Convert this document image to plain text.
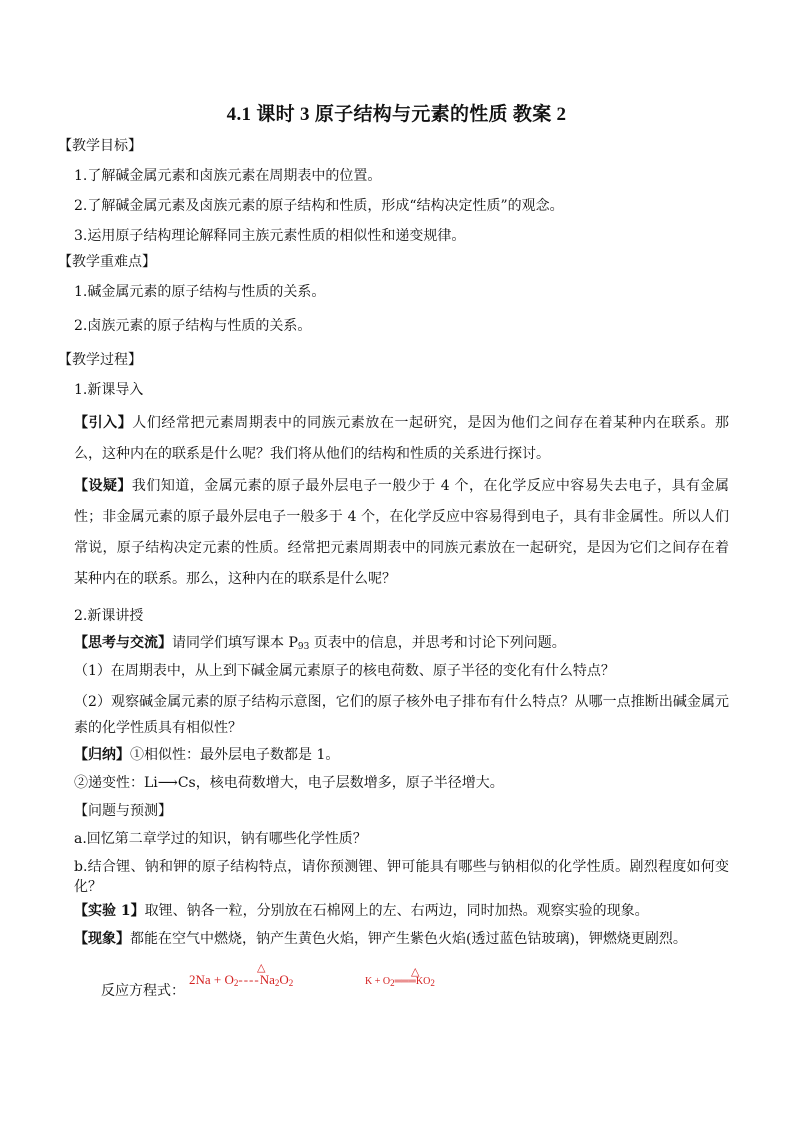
4.1 课时 3 原子结构与元素的性质 教案 2
【教学目标】
1.了解碱金属元素和卤族元素在周期表中的位置。
2.了解碱金属元素及卤族元素的原子结构和性质，形成“结构决定性质”的观念。
3.运用原子结构理论解释同主族元素性质的相似性和递变规律。
【教学重难点】
1.碱金属元素的原子结构与性质的关系。
2.卤族元素的原子结构与性质的关系。
【教学过程】
1.新课导入
【引入】人们经常把元素周期表中的同族元素放在一起研究，是因为他们之间存在着某种内在联系。那么，这种内在的联系是什么呢？我们将从他们的结构和性质的关系进行探讨。
【设疑】我们知道，金属元素的原子最外层电子一般少于 4 个，在化学反应中容易失去电子，具有金属性；非金属元素的原子最外层电子一般多于 4 个，在化学反应中容易得到电子，具有非金属性。所以人们常说，原子结构决定元素的性质。经常把元素周期表中的同族元素放在一起研究，是因为它们之间存在着某种内在的联系。那么，这种内在的联系是什么呢？
2.新课讲授
【思考与交流】请同学们填写课本 $P_{93}$ 页表中的信息，并思考和讨论下列问题。
（1）在周期表中，从上到下碱金属元素原子的核电荷数、原子半径的变化有什么特点？
（2）观察碱金属元素的原子结构示意图，它们的原子核外电子排布有什么特点？从哪一点推断出碱金属元素的化学性质具有相似性？
【归纳】①相似性：最外层电子数都是 1。
②递变性：Li⟶Cs，核电荷数增大，电子层数增多，原子半径增大。
【问题与预测】
a.回忆第二章学过的知识，钠有哪些化学性质？
b.结合锂、钠和钾的原子结构特点，请你预测锂、钾可能具有哪些与钠相似的化学性质。剧烈程度如何变化？
【实验 1】取锂、钠各一粒，分别放在石棉网上的左、右两边，同时加热。观察实验的现象。
【现象】都能在空气中燃烧，钠产生黄色火焰，钾产生紫色火焰(透过蓝色钴玻璃)，钾燃烧更剧烈。
反应方程式：
△
$2Na + O_2----Na_2O_2$
△
$K + O_2═══KO_2$
